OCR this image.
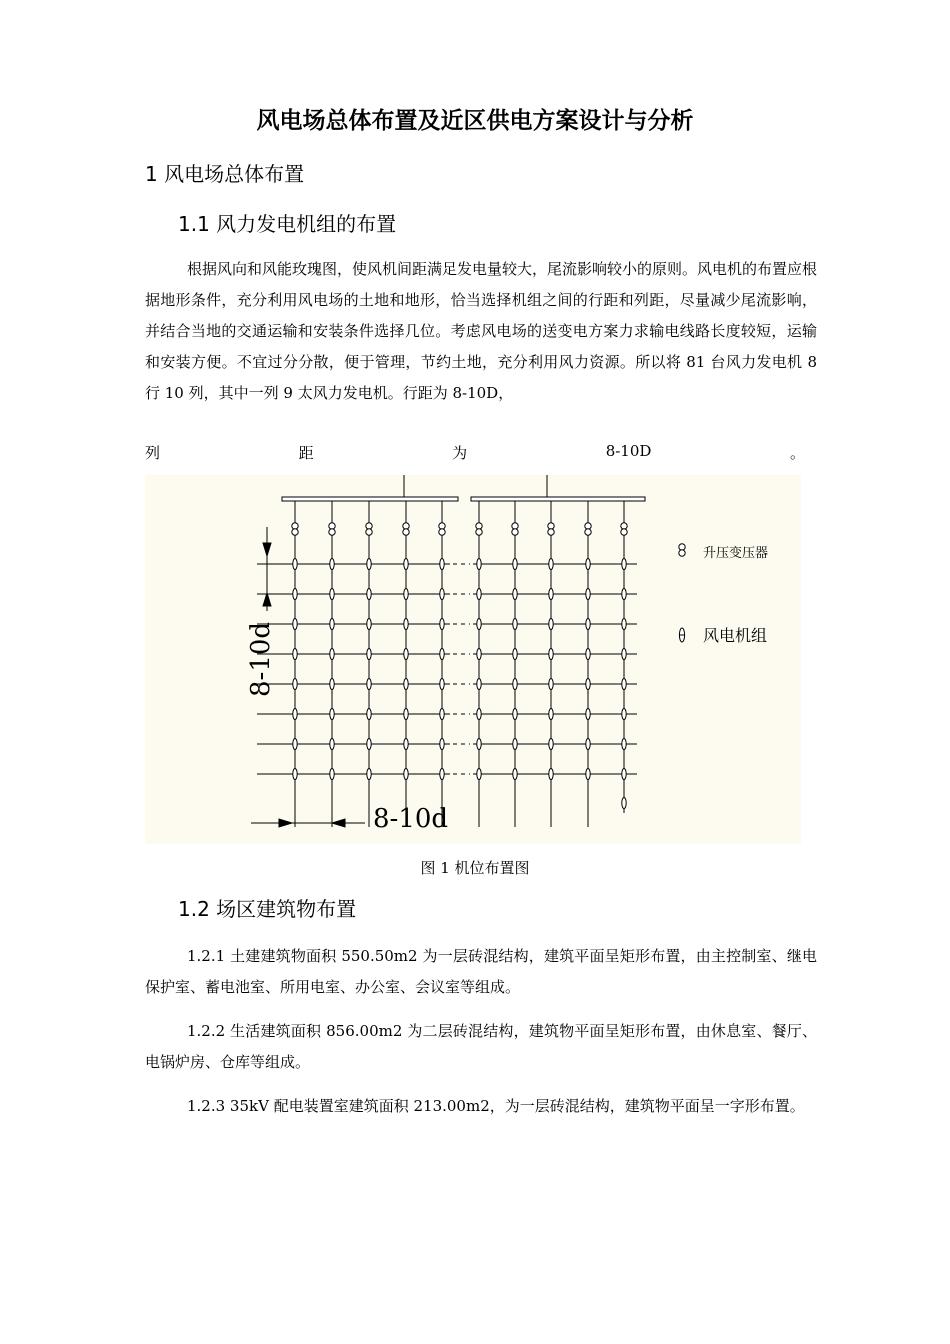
风电场总体布置及近区供电方案设计与分析
1 风电场总体布置
1.1 风力发电机组的布置
根据风向和风能玫瑰图，使风机间距满足发电量较大，尾流影响较小的原则。风电机的布置应根据地形条件，充分利用风电场的土地和地形，恰当选择机组之间的行距和列距，尽量减少尾流影响，并结合当地的交通运输和安装条件选择几位。考虑风电场的送变电方案力求输电线路长度较短，运输和安装方便。不宜过分分散，便于管理，节约土地，充分利用风力资源。所以将 81 台风力发电机 8 行 10 列，其中一列 9 太风力发电机。行距为 8-10D，
列	距	为	8-10D	。
8-10d
8-10d
升压变压器
风电机组
图 1 机位布置图
1.2 场区建筑物布置
1.2.1 土建建筑物面积 550.50m2 为一层砖混结构，建筑平面呈矩形布置，由主控制室、继电保护室、蓄电池室、所用电室、办公室、会议室等组成。
1.2.2 生活建筑面积 856.00m2 为二层砖混结构，建筑物平面呈矩形布置，由休息室、餐厅、电锅炉房、仓库等组成。
1.2.3 35kV 配电装置室建筑面积 213.00m2，为一层砖混结构，建筑物平面呈一字形布置。
